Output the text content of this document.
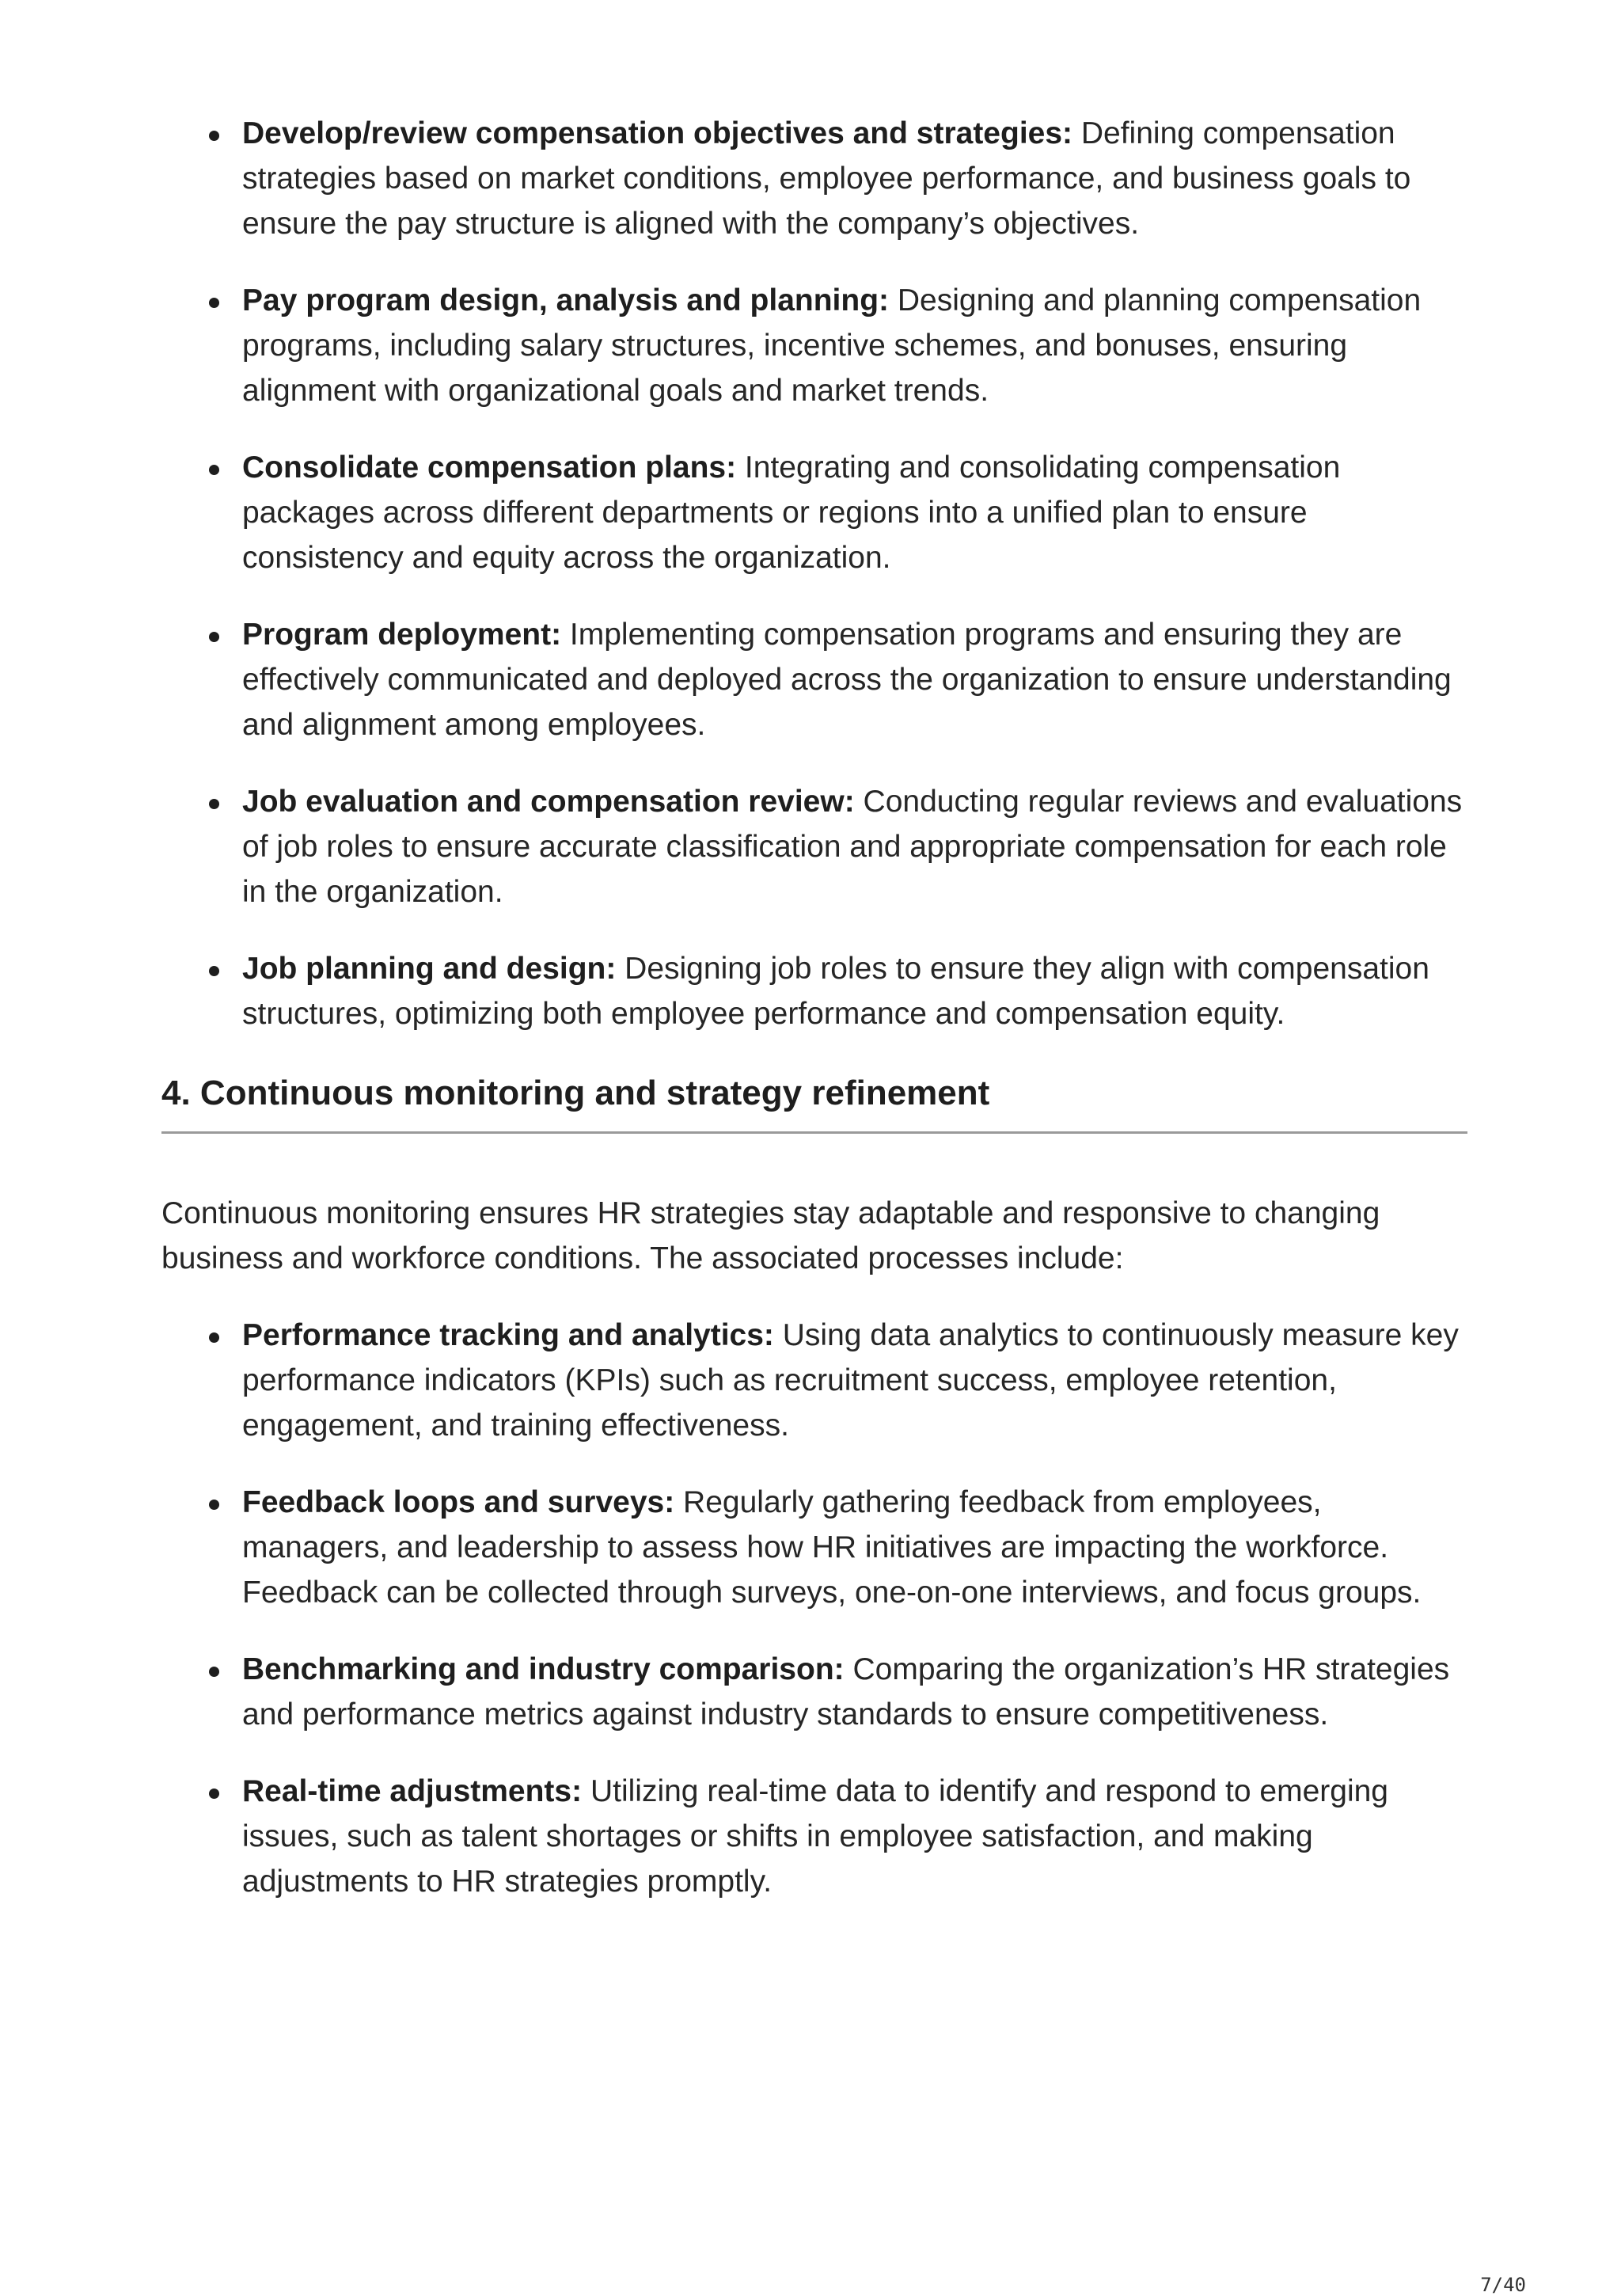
Develop/review compensation objectives and strategies: Defining compensation strategies based on market conditions, employee performance, and business goals to ensure the pay structure is aligned with the company’s objectives.
Pay program design, analysis and planning: Designing and planning compensation programs, including salary structures, incentive schemes, and bonuses, ensuring alignment with organizational goals and market trends.
Consolidate compensation plans: Integrating and consolidating compensation packages across different departments or regions into a unified plan to ensure consistency and equity across the organization.
Program deployment: Implementing compensation programs and ensuring they are effectively communicated and deployed across the organization to ensure understanding and alignment among employees.
Job evaluation and compensation review: Conducting regular reviews and evaluations of job roles to ensure accurate classification and appropriate compensation for each role in the organization.
Job planning and design: Designing job roles to ensure they align with compensation structures, optimizing both employee performance and compensation equity.
4. Continuous monitoring and strategy refinement

Continuous monitoring ensures HR strategies stay adaptable and responsive to changing business and workforce conditions. The associated processes include:

Performance tracking and analytics: Using data analytics to continuously measure key performance indicators (KPIs) such as recruitment success, employee retention, engagement, and training effectiveness.
Feedback loops and surveys: Regularly gathering feedback from employees, managers, and leadership to assess how HR initiatives are impacting the workforce. Feedback can be collected through surveys, one-on-one interviews, and focus groups.
Benchmarking and industry comparison: Comparing the organization’s HR strategies and performance metrics against industry standards to ensure competitiveness.
Real-time adjustments: Utilizing real-time data to identify and respond to emerging issues, such as talent shortages or shifts in employee satisfaction, and making adjustments to HR strategies promptly.
7/40
